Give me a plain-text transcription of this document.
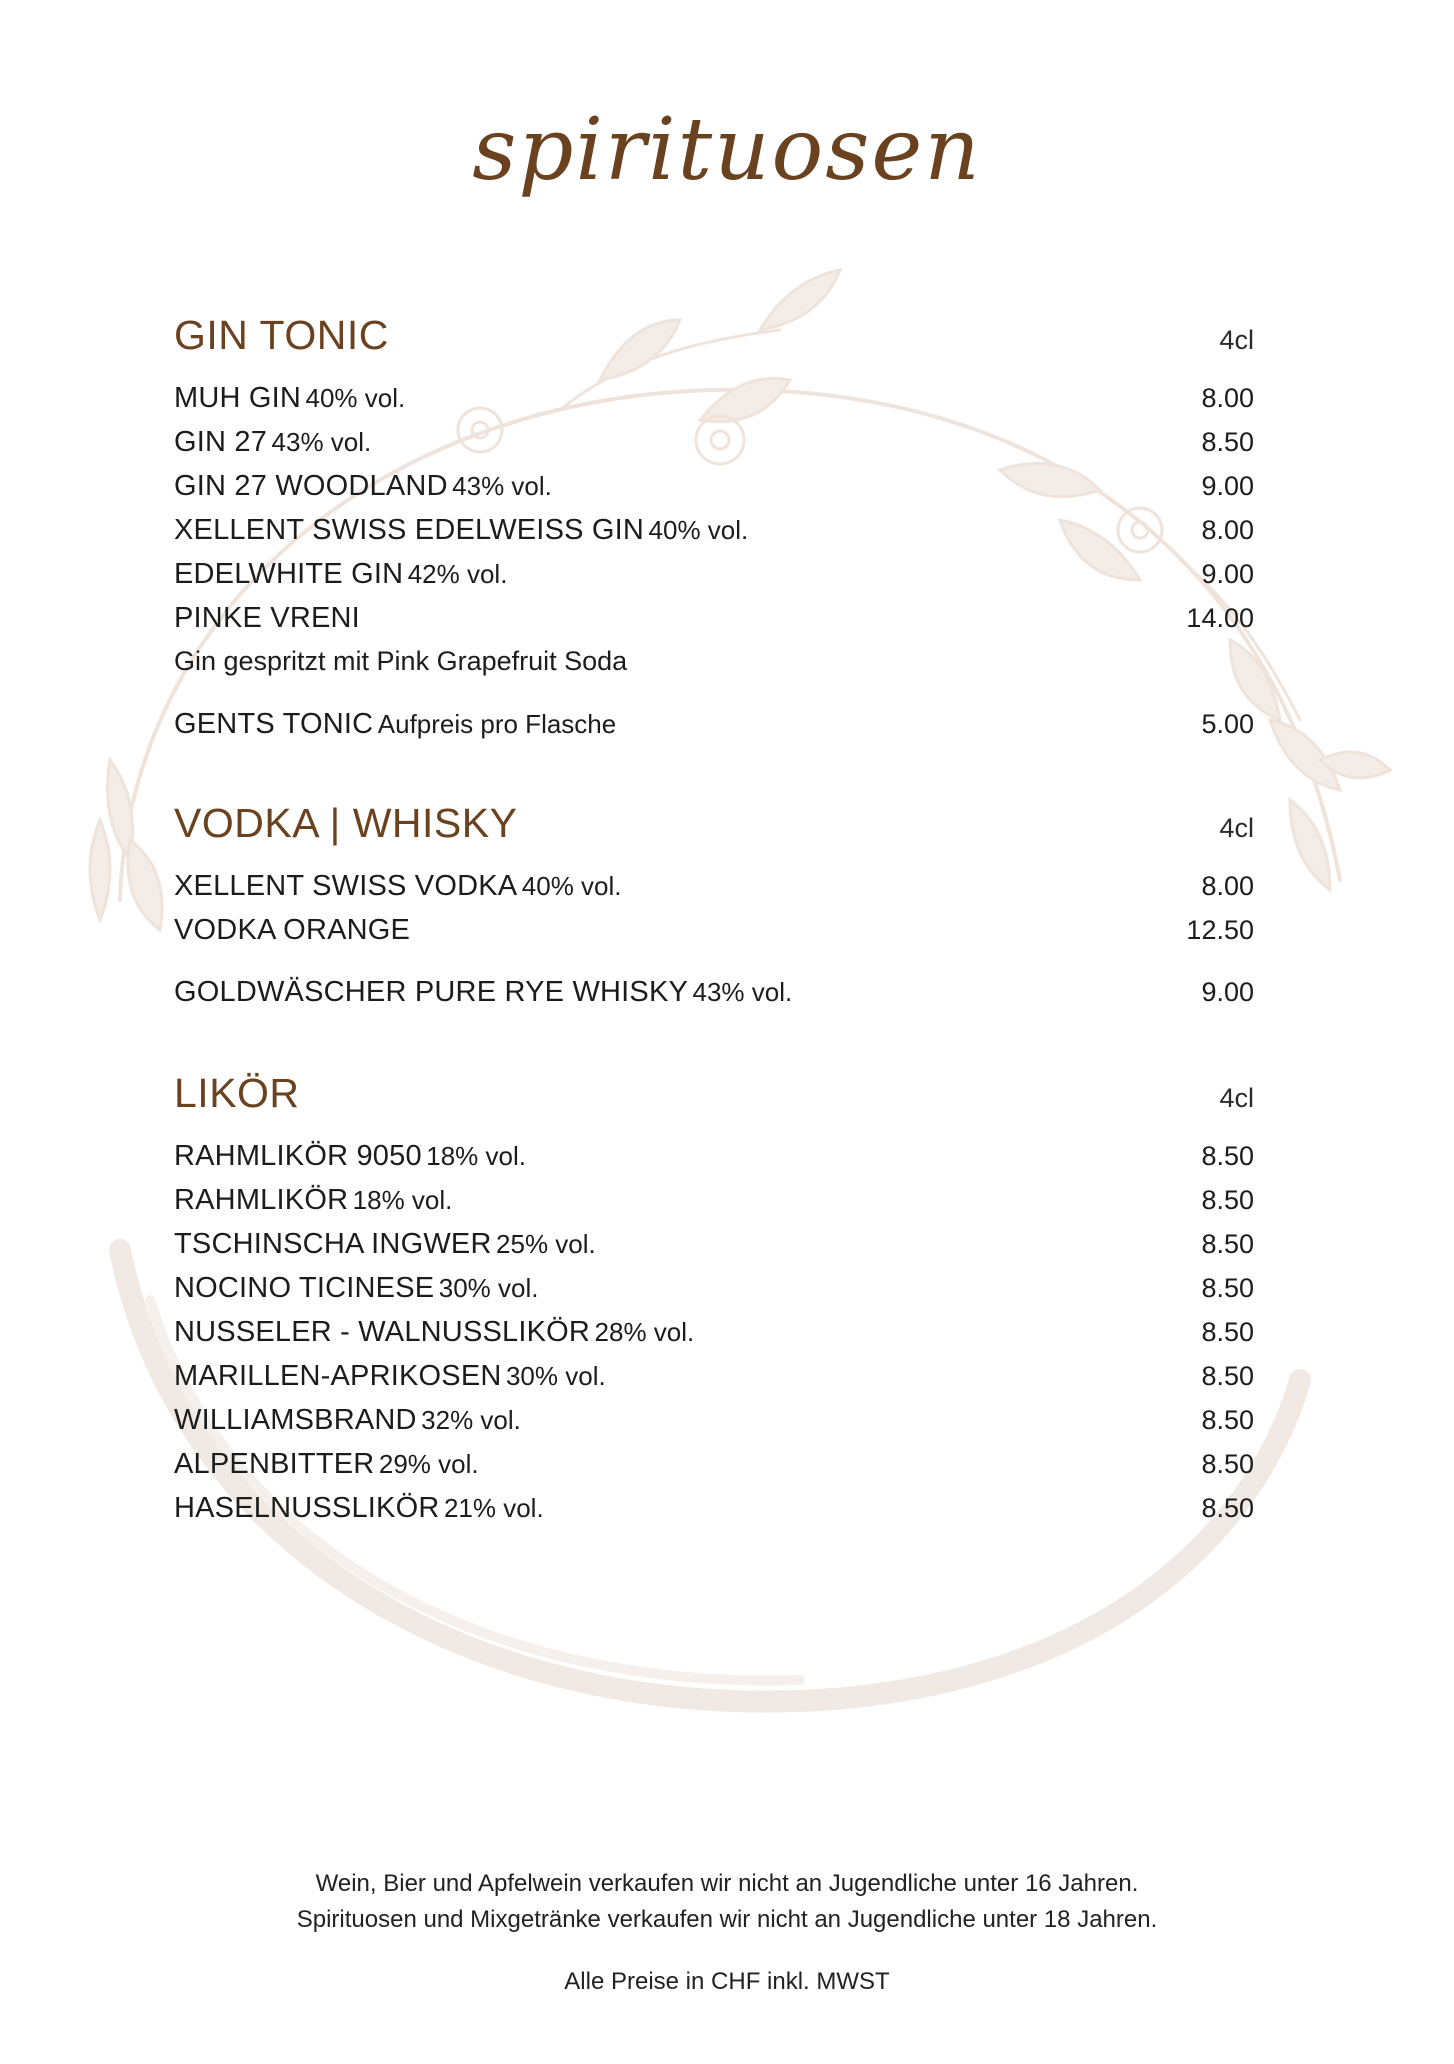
spirituosen
GIN TONIC	4cl
MUH GIN 40% vol.	8.00
GIN 27 43% vol.	8.50
GIN 27 WOODLAND 43% vol.	9.00
XELLENT SWISS EDELWEISS GIN 40% vol.	8.00
EDELWHITE GIN 42% vol.	9.00
PINKE VRENI	14.00
Gin gespritzt mit Pink Grapefruit Soda
GENTS TONIC Aufpreis pro Flasche	5.00
VODKA | WHISKY	4cl
XELLENT SWISS VODKA 40% vol.	8.00
VODKA ORANGE	12.50
GOLDWÄSCHER PURE RYE WHISKY 43% vol.	9.00
LIKÖR	4cl
RAHMLIKÖR 9050 18% vol.	8.50
RAHMLIKÖR 18% vol.	8.50
TSCHINSCHA INGWER 25% vol.	8.50
NOCINO TICINESE 30% vol.	8.50
NUSSELER - WALNUSSLIKÖR 28% vol.	8.50
MARILLEN-APRIKOSEN 30% vol.	8.50
WILLIAMSBRAND 32% vol.	8.50
ALPENBITTER 29% vol.	8.50
HASELNUSSLIKÖR 21% vol.	8.50
Wein, Bier und Apfelwein verkaufen wir nicht an Jugendliche unter 16 Jahren.
Spirituosen und Mixgetränke verkaufen wir nicht an Jugendliche unter 18 Jahren.
Alle Preise in CHF inkl. MWST
